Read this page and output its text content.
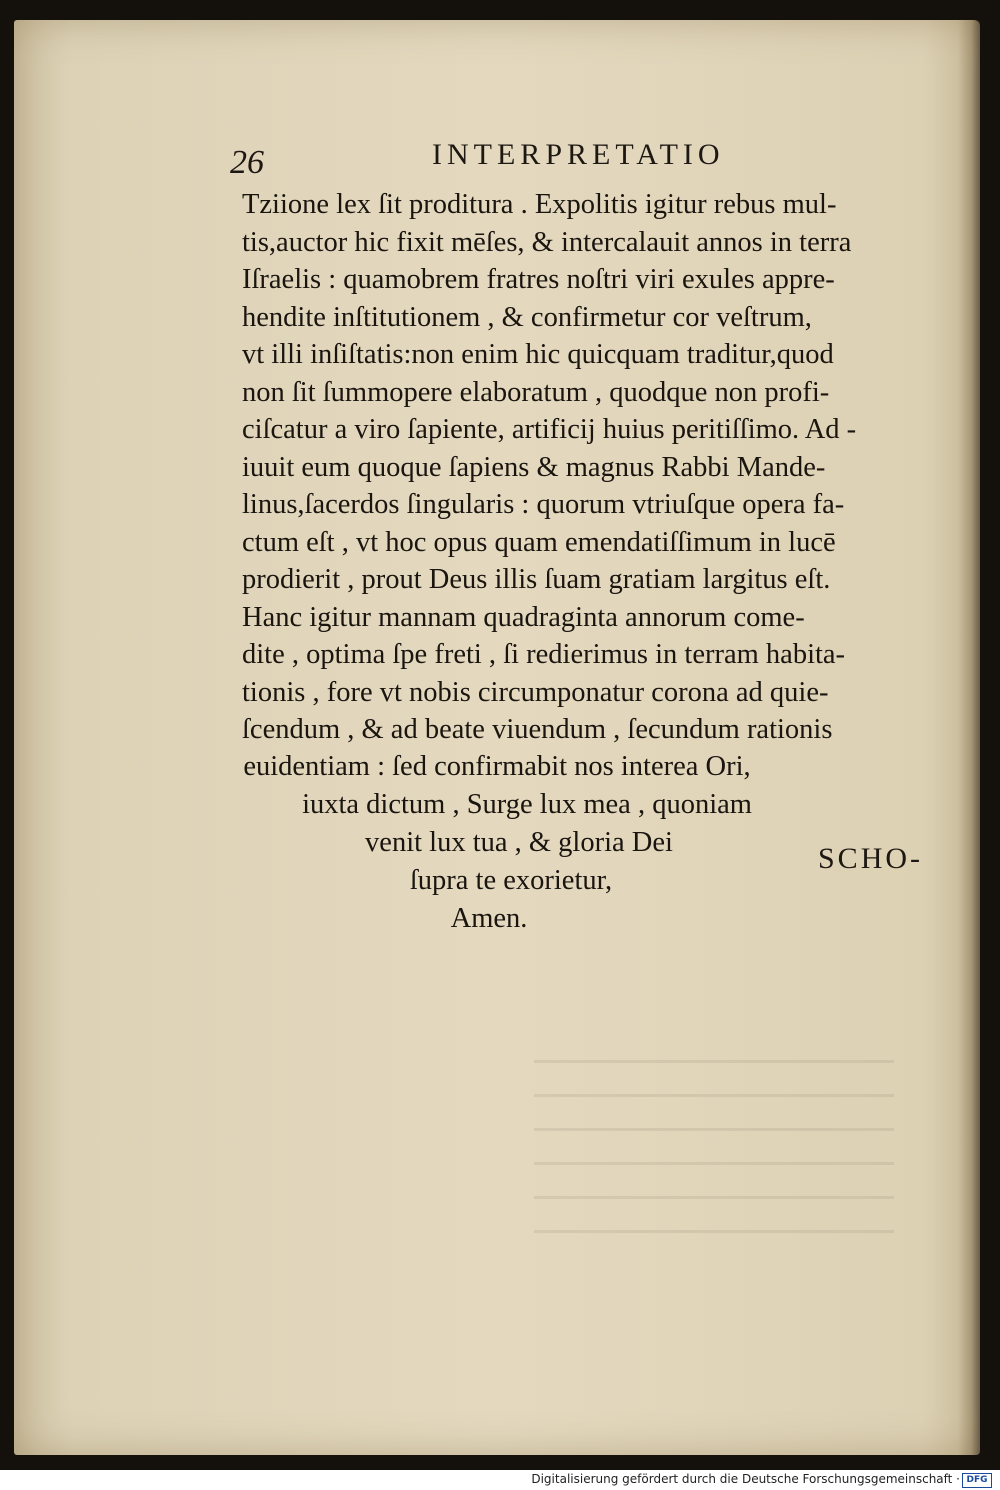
26	INTERPRETATIO
Tziione lex ſit proditura . Expolitis igitur rebus mul-
tis,auctor hic fixit mēſes, & intercalauit annos in terra
Iſraelis : quamobrem fratres noſtri viri exules appre-
hendite inſtitutionem , & confirmetur cor veſtrum,
vt illi inſiſtatis:non enim hic quicquam traditur,quod
non ſit ſummopere elaboratum , quodque non profi-
ciſcatur a viro ſapiente, artificij huius peritiſſimo. Ad -
iuuit eum quoque ſapiens & magnus Rabbi Mande-
linus,ſacerdos ſingularis : quorum vtriuſque opera fa-
ctum eſt , vt hoc opus quam emendatiſſimum in lucē
prodierit , prout Deus illis ſuam gratiam largitus eſt.
Hanc igitur mannam quadraginta annorum come-
dite , optima ſpe freti , ſi redierimus in terram habita-
tionis , fore vt nobis circumponatur corona ad quie-
ſcendum , & ad beate viuendum , ſecundum rationis
euidentiam : ſed confirmabit nos interea Ori,
iuxta dictum , Surge lux mea , quoniam
venit lux tua , & gloria Dei
ſupra te exorietur,
Amen.
SCHO-
Digitalisierung gefördert durch die Deutsche Forschungsgemeinschaft · DFG
